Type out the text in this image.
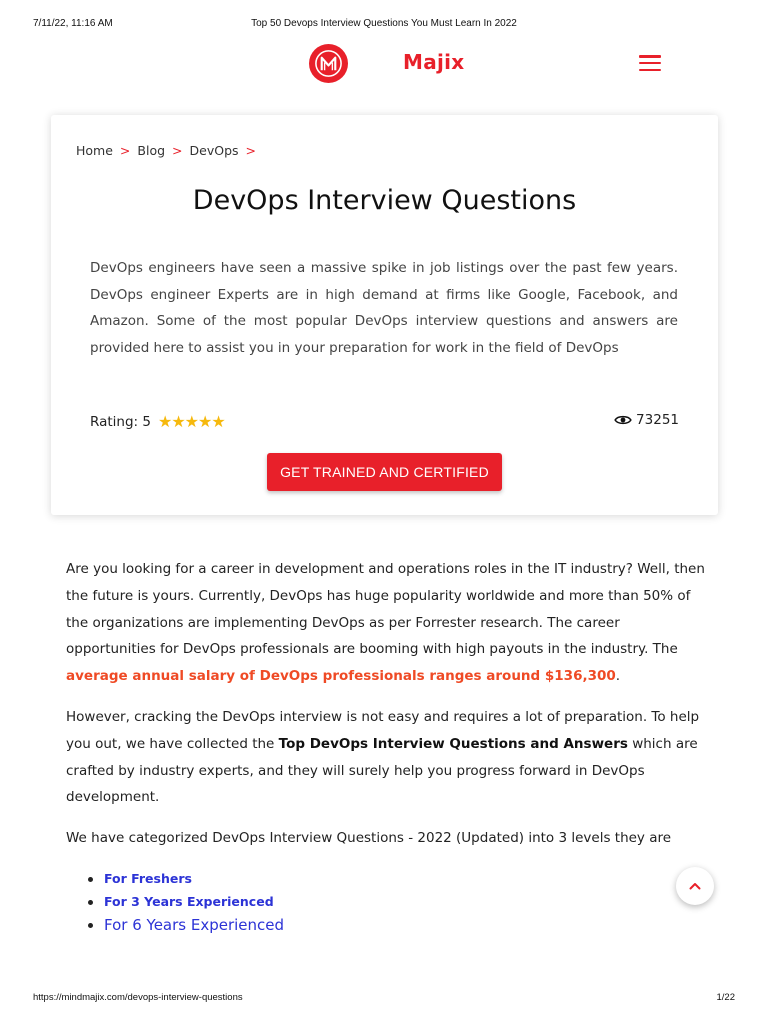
7/11/22, 11:16 AM	Top 50 Devops Interview Questions You Must Learn In 2022
Majix
Home > Blog > DevOps >
DevOps Interview Questions

DevOps engineers have seen a massive spike in job listings over the past few years. DevOps engineer Experts are in high demand at firms like Google, Facebook, and Amazon. Some of the most popular DevOps interview questions and answers are provided here to assist you in your preparation for work in the field of DevOps

Rating: 5 ★★★★★	73251
GET TRAINED AND CERTIFIED

Are you looking for a career in development and operations roles in the IT industry? Well, then the future is yours. Currently, DevOps has huge popularity worldwide and more than 50% of the organizations are implementing DevOps as per Forrester research. The career opportunities for DevOps professionals are booming with high payouts in the industry. The average annual salary of DevOps professionals ranges around $136,300.

However, cracking the DevOps interview is not easy and requires a lot of preparation. To help you out, we have collected the Top DevOps Interview Questions and Answers which are crafted by industry experts, and they will surely help you progress forward in DevOps development.

We have categorized DevOps Interview Questions - 2022 (Updated) into 3 levels they are

For Freshers
For 3 Years Experienced
For 6 Years Experienced
https://mindmajix.com/devops-interview-questions	1/22
